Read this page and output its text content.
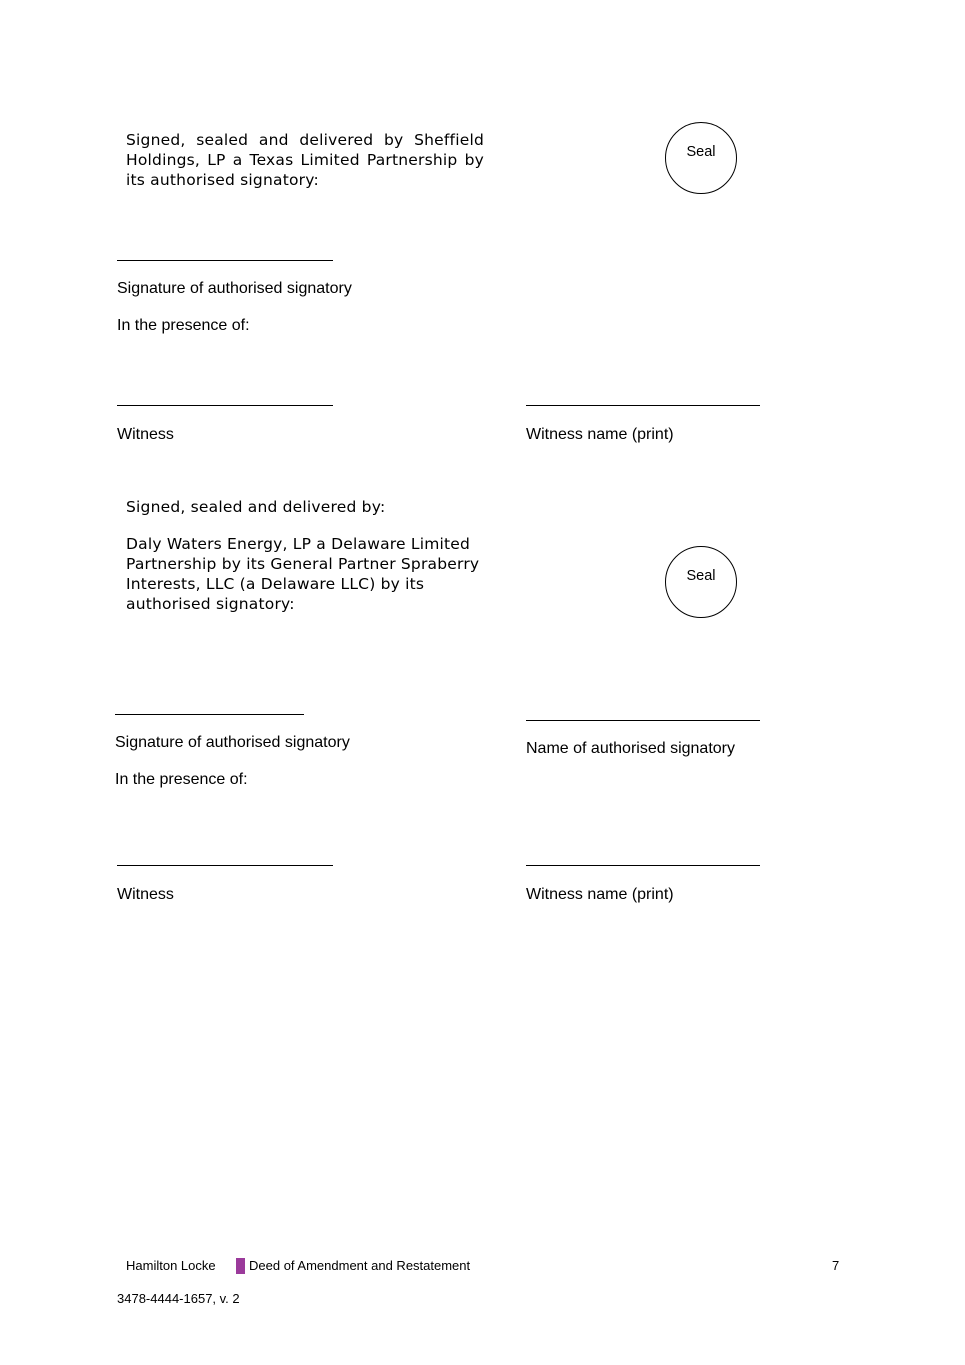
Signed, sealed and delivered by Sheffield Holdings, LP a Texas Limited Partnership by its authorised signatory:
Seal
Signature of authorised signatory
In the presence of:
Witness	Witness name (print)
Signed, sealed and delivered by:
Daly Waters Energy, LP a Delaware Limited Partnership by its General Partner Spraberry Interests, LLC (a Delaware LLC) by its authorised signatory:
Seal
Signature of authorised signatory	Name of authorised signatory
In the presence of:
Witness	Witness name (print)
Hamilton Locke	Deed of Amendment and Restatement	7
3478-4444-1657, v. 2
